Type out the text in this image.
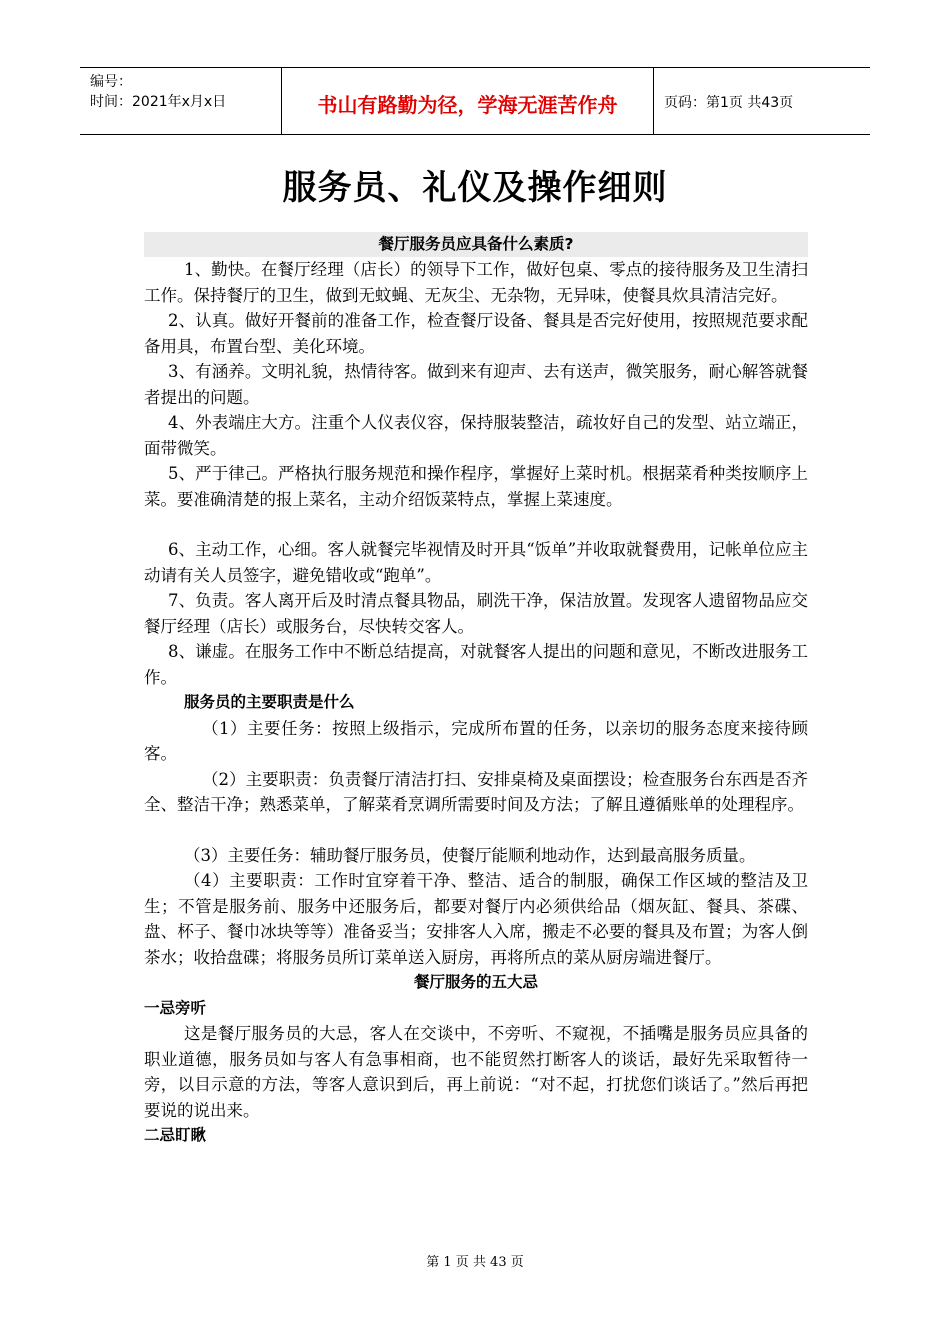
编号：
时间：2021年x月x日	书山有路勤为径，学海无涯苦作舟	页码：第1页 共43页
服务员、礼仪及操作细则
餐厅服务员应具备什么素质?

1、勤快。在餐厅经理（店长）的领导下工作，做好包桌、零点的接待服务及卫生清扫工作。保持餐厅的卫生，做到无蚊蝇、无灰尘、无杂物，无异味，使餐具炊具清洁完好。

2、认真。做好开餐前的准备工作，检查餐厅设备、餐具是否完好使用，按照规范要求配备用具，布置台型、美化环境。

3、有涵养。文明礼貌，热情待客。做到来有迎声、去有送声，微笑服务，耐心解答就餐者提出的问题。

4、外表端庄大方。注重个人仪表仪容，保持服装整洁，疏妆好自己的发型、站立端正，面带微笑。

5、严于律己。严格执行服务规范和操作程序，掌握好上菜时机。根据菜肴种类按顺序上菜。要准确清楚的报上菜名，主动介绍饭菜特点，掌握上菜速度。

6、主动工作，心细。客人就餐完毕视情及时开具“饭单”并收取就餐费用，记帐单位应主动请有关人员签字，避免错收或“跑单”。

7、负责。客人离开后及时清点餐具物品，刷洗干净，保洁放置。发现客人遗留物品应交餐厅经理（店长）或服务台，尽快转交客人。

8、谦虚。在服务工作中不断总结提高，对就餐客人提出的问题和意见，不断改进服务工作。

服务员的主要职责是什么

（1）主要任务：按照上级指示，完成所布置的任务，以亲切的服务态度来接待顾客。

（2）主要职责：负责餐厅清洁打扫、安排桌椅及桌面摆设；检查服务台东西是否齐全、整洁干净；熟悉菜单，了解菜肴烹调所需要时间及方法；了解且遵循账单的处理程序。

（3）主要任务：辅助餐厅服务员，使餐厅能顺利地动作，达到最高服务质量。

（4）主要职责：工作时宜穿着干净、整洁、适合的制服，确保工作区域的整洁及卫生；不管是服务前、服务中还服务后，都要对餐厅内必须供给品（烟灰缸、餐具、茶碟、盘、杯子、餐巾冰块等等）准备妥当；安排客人入席，搬走不必要的餐具及布置；为客人倒茶水；收拾盘碟；将服务员所订菜单送入厨房，再将所点的菜从厨房端进餐厅。

餐厅服务的五大忌

一忌旁听

这是餐厅服务员的大忌，客人在交谈中，不旁听、不窥视，不插嘴是服务员应具备的职业道德，服务员如与客人有急事相商，也不能贸然打断客人的谈话，最好先采取暂待一旁，以目示意的方法，等客人意识到后，再上前说：“对不起，打扰您们谈话了。”然后再把要说的说出来。

二忌盯瞅

第 1 页 共 43 页
